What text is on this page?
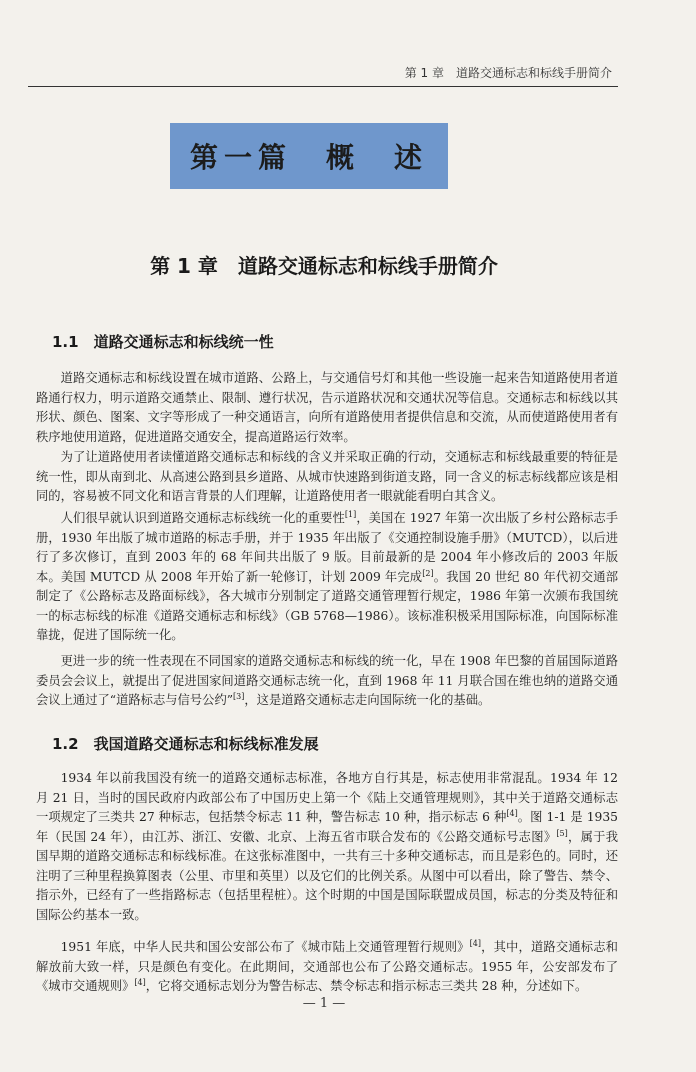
第 1 章　道路交通标志和标线手册简介
第一篇　概　述
第 1 章　道路交通标志和标线手册简介
1.1　道路交通标志和标线统一性

道路交通标志和标线设置在城市道路、公路上，与交通信号灯和其他一些设施一起来告知道路使用者道路通行权力，明示道路交通禁止、限制、遵行状况，告示道路状况和交通状况等信息。交通标志和标线以其形状、颜色、图案、文字等形成了一种交通语言，向所有道路使用者提供信息和交流，从而使道路使用者有秩序地使用道路，促进道路交通安全，提高道路运行效率。

为了让道路使用者读懂道路交通标志和标线的含义并采取正确的行动，交通标志和标线最重要的特征是统一性，即从南到北、从高速公路到县乡道路、从城市快速路到街道支路，同一含义的标志标线都应该是相同的，容易被不同文化和语言背景的人们理解，让道路使用者一眼就能看明白其含义。

人们很早就认识到道路交通标志标线统一化的重要性[1]，美国在 1927 年第一次出版了乡村公路标志手册，1930 年出版了城市道路的标志手册，并于 1935 年出版了《交通控制设施手册》（MUTCD），以后进行了多次修订，直到 2003 年的 68 年间共出版了 9 版。目前最新的是 2004 年小修改后的 2003 年版本。美国 MUTCD 从 2008 年开始了新一轮修订，计划 2009 年完成[2]。我国 20 世纪 80 年代初交通部制定了《公路标志及路面标线》，各大城市分别制定了道路交通管理暂行规定，1986 年第一次颁布我国统一的标志标线的标准《道路交通标志和标线》（GB 5768—1986）。该标准积极采用国际标准，向国际标准靠拢，促进了国际统一化。

更进一步的统一性表现在不同国家的道路交通标志和标线的统一化，早在 1908 年巴黎的首届国际道路委员会会议上，就提出了促进国家间道路交通标志统一化，直到 1968 年 11 月联合国在维也纳的道路交通会议上通过了“道路标志与信号公约”[3]，这是道路交通标志走向国际统一化的基础。

1.2　我国道路交通标志和标线标准发展

1934 年以前我国没有统一的道路交通标志标准，各地方自行其是，标志使用非常混乱。1934 年 12 月 21 日，当时的国民政府内政部公布了中国历史上第一个《陆上交通管理规则》，其中关于道路交通标志一项规定了三类共 27 种标志，包括禁令标志 11 种，警告标志 10 种，指示标志 6 种[4]。图 1-1 是 1935 年（民国 24 年），由江苏、浙江、安徽、北京、上海五省市联合发布的《公路交通标号志图》[5]，属于我国早期的道路交通标志和标线标准。在这张标准图中，一共有三十多种交通标志，而且是彩色的。同时，还注明了三种里程换算图表（公里、市里和英里）以及它们的比例关系。从图中可以看出，除了警告、禁令、指示外，已经有了一些指路标志（包括里程桩）。这个时期的中国是国际联盟成员国，标志的分类及特征和国际公约基本一致。

1951 年底，中华人民共和国公安部公布了《城市陆上交通管理暂行规则》[4]，其中，道路交通标志和解放前大致一样，只是颜色有变化。在此期间，交通部也公布了公路交通标志。1955 年，公安部发布了《城市交通规则》[4]，它将交通标志划分为警告标志、禁令标志和指示标志三类共 28 种，分述如下。

— 1 —
